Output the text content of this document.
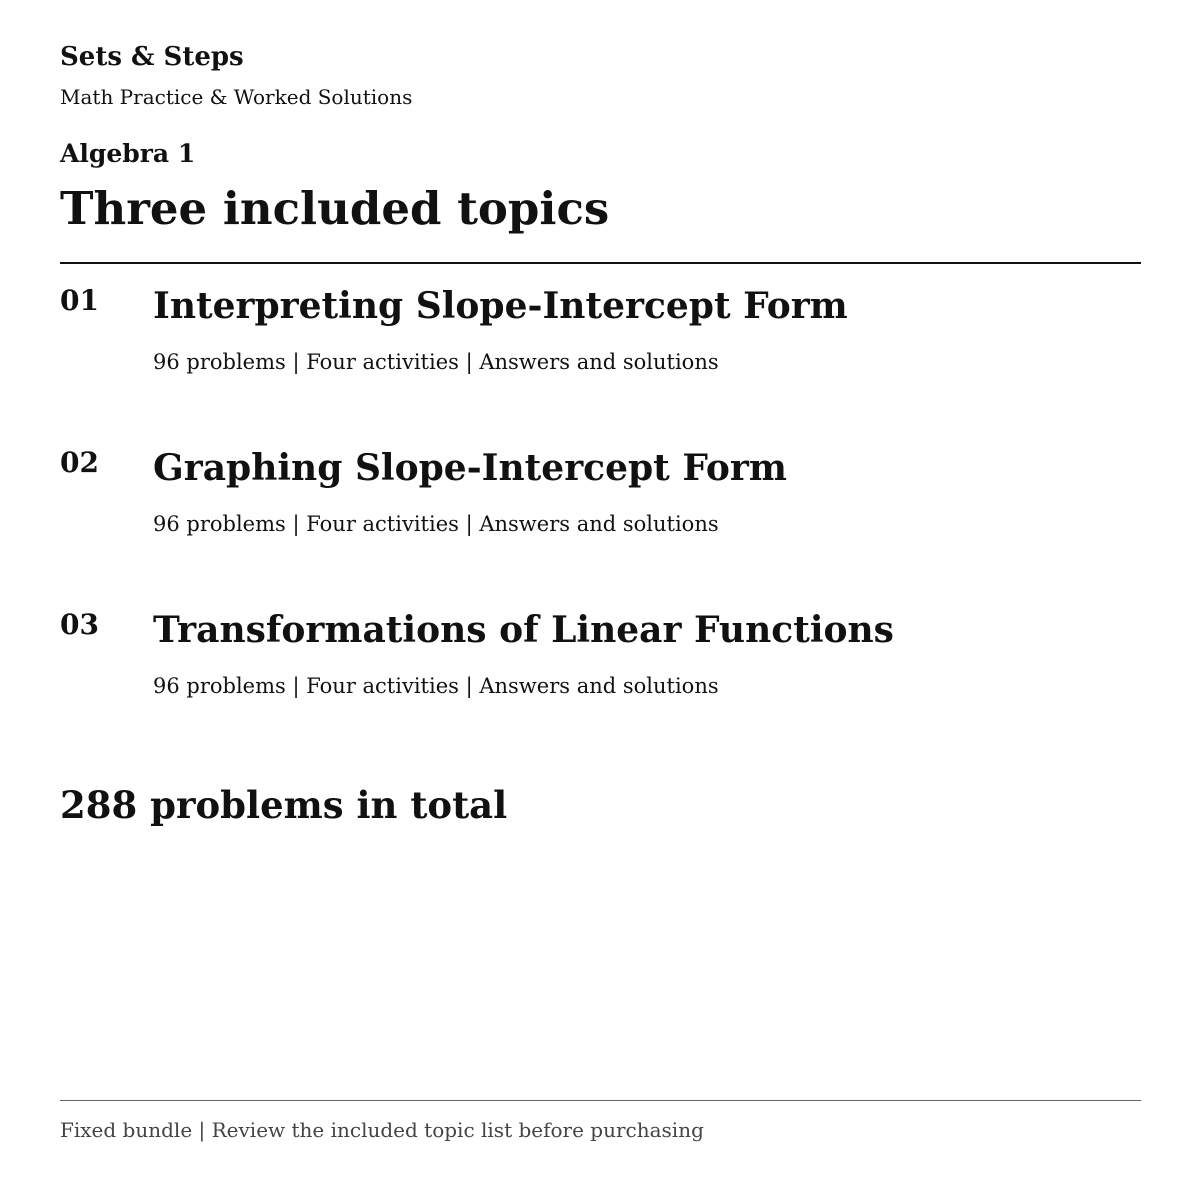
Sets & Steps
Math Practice & Worked Solutions
Algebra 1
Three included topics
01 Interpreting Slope-Intercept Form
96 problems | Four activities | Answers and solutions
02 Graphing Slope-Intercept Form
96 problems | Four activities | Answers and solutions
03 Transformations of Linear Functions
96 problems | Four activities | Answers and solutions
288 problems in total
Fixed bundle | Review the included topic list before purchasing
